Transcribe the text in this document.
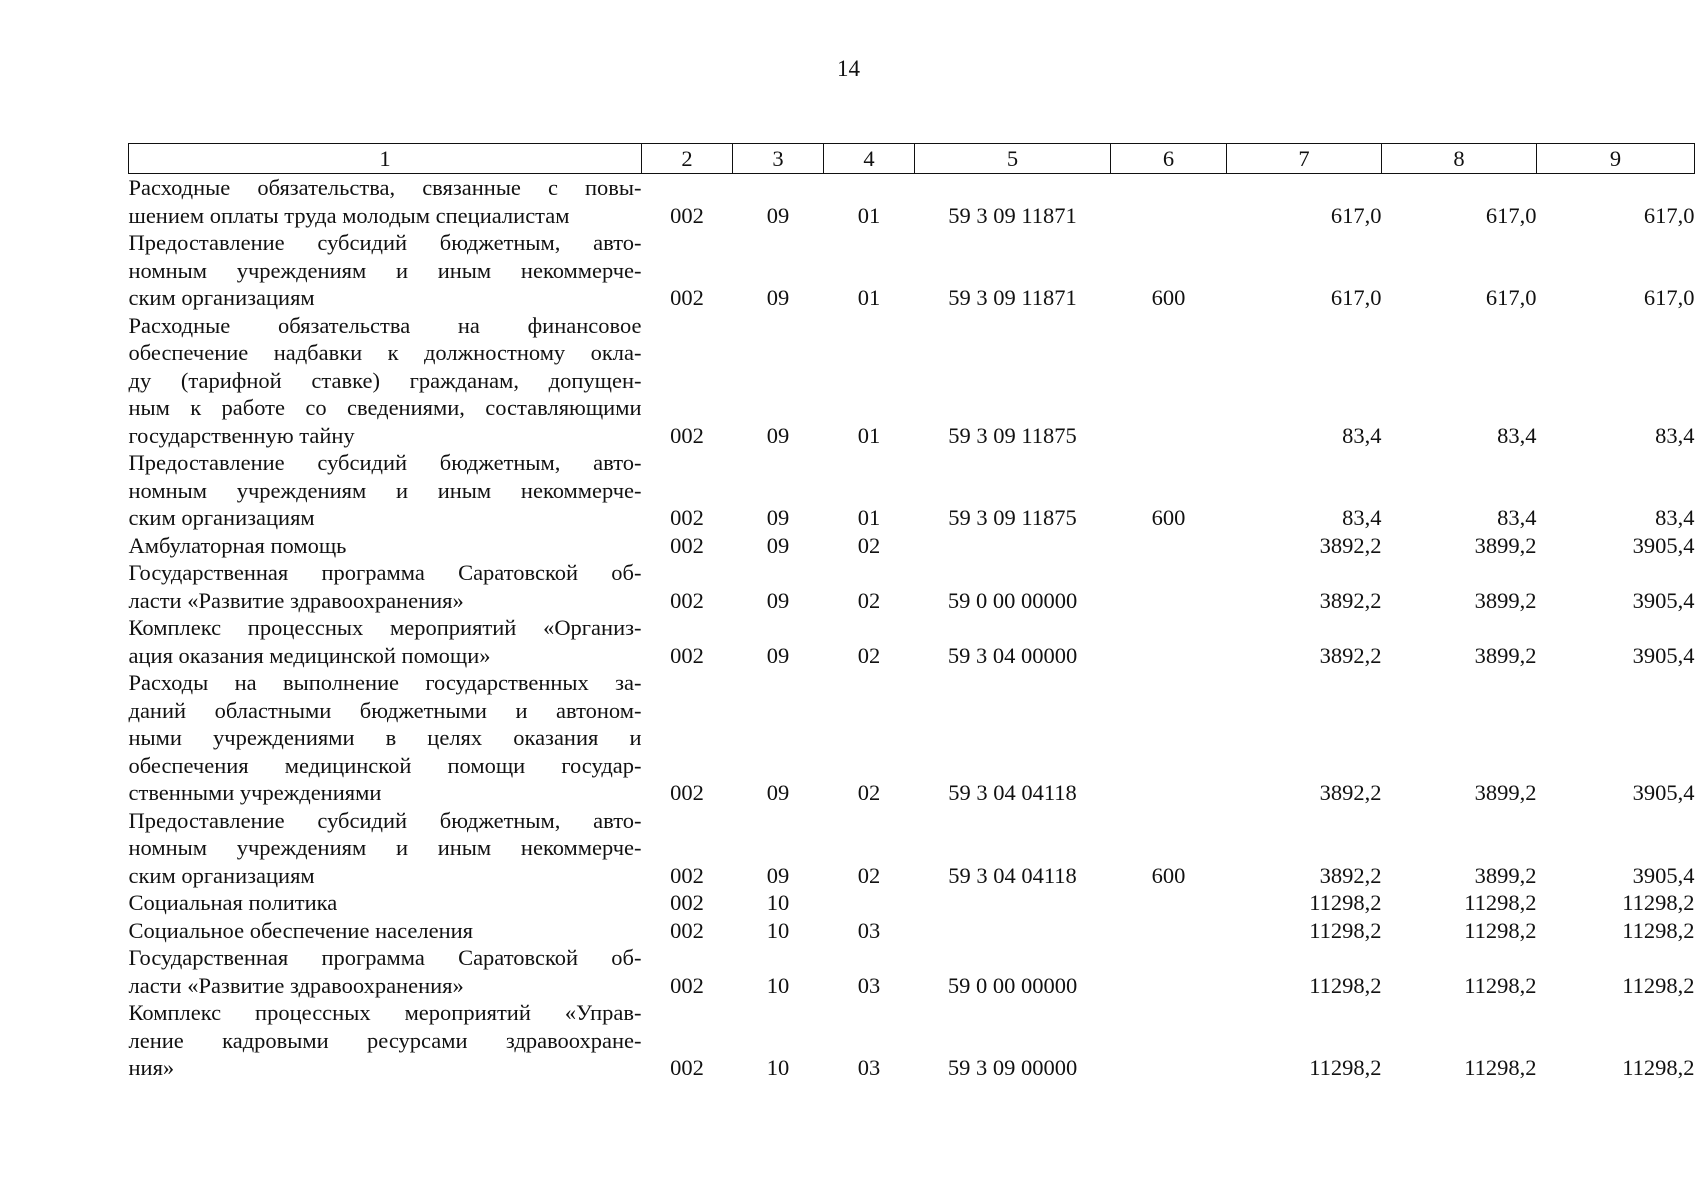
14
1	2	3	4	5	6	7	8	9

Расходные обязательства, связанные с повы-
шением оплаты труда молодым специалистам	002	09	01	59 3 09 11871		617,0	617,0	617,0

Предоставление субсидий бюджетным, авто-
номным учреждениям и иным некоммерче-
ским организациям	002	09	01	59 3 09 11871	600	617,0	617,0	617,0

Расходные обязательства на финансовое
обеспечение надбавки к должностному окла-
ду (тарифной ставке) гражданам, допущен-
ным к работе со сведениями, составляющими
государственную тайну	002	09	01	59 3 09 11875		83,4	83,4	83,4

Предоставление субсидий бюджетным, авто-
номным учреждениям и иным некоммерче-
ским организациям	002	09	01	59 3 09 11875	600	83,4	83,4	83,4

Амбулаторная помощь	002	09	02			3892,2	3899,2	3905,4

Государственная программа Саратовской об-
ласти «Развитие здравоохранения»	002	09	02	59 0 00 00000		3892,2	3899,2	3905,4

Комплекс процессных мероприятий «Организ-
ация оказания медицинской помощи»	002	09	02	59 3 04 00000		3892,2	3899,2	3905,4

Расходы на выполнение государственных за-
даний областными бюджетными и автоном-
ными учреждениями в целях оказания и
обеспечения медицинской помощи государ-
ственными учреждениями	002	09	02	59 3 04 04118		3892,2	3899,2	3905,4

Предоставление субсидий бюджетным, авто-
номным учреждениям и иным некоммерче-
ским организациям	002	09	02	59 3 04 04118	600	3892,2	3899,2	3905,4

Социальная политика	002	10				11298,2	11298,2	11298,2

Социальное обеспечение населения	002	10	03			11298,2	11298,2	11298,2

Государственная программа Саратовской об-
ласти «Развитие здравоохранения»	002	10	03	59 0 00 00000		11298,2	11298,2	11298,2

Комплекс процессных мероприятий «Управ-
ление кадровыми ресурсами здравоохране-
ния»	002	10	03	59 3 09 00000		11298,2	11298,2	11298,2
